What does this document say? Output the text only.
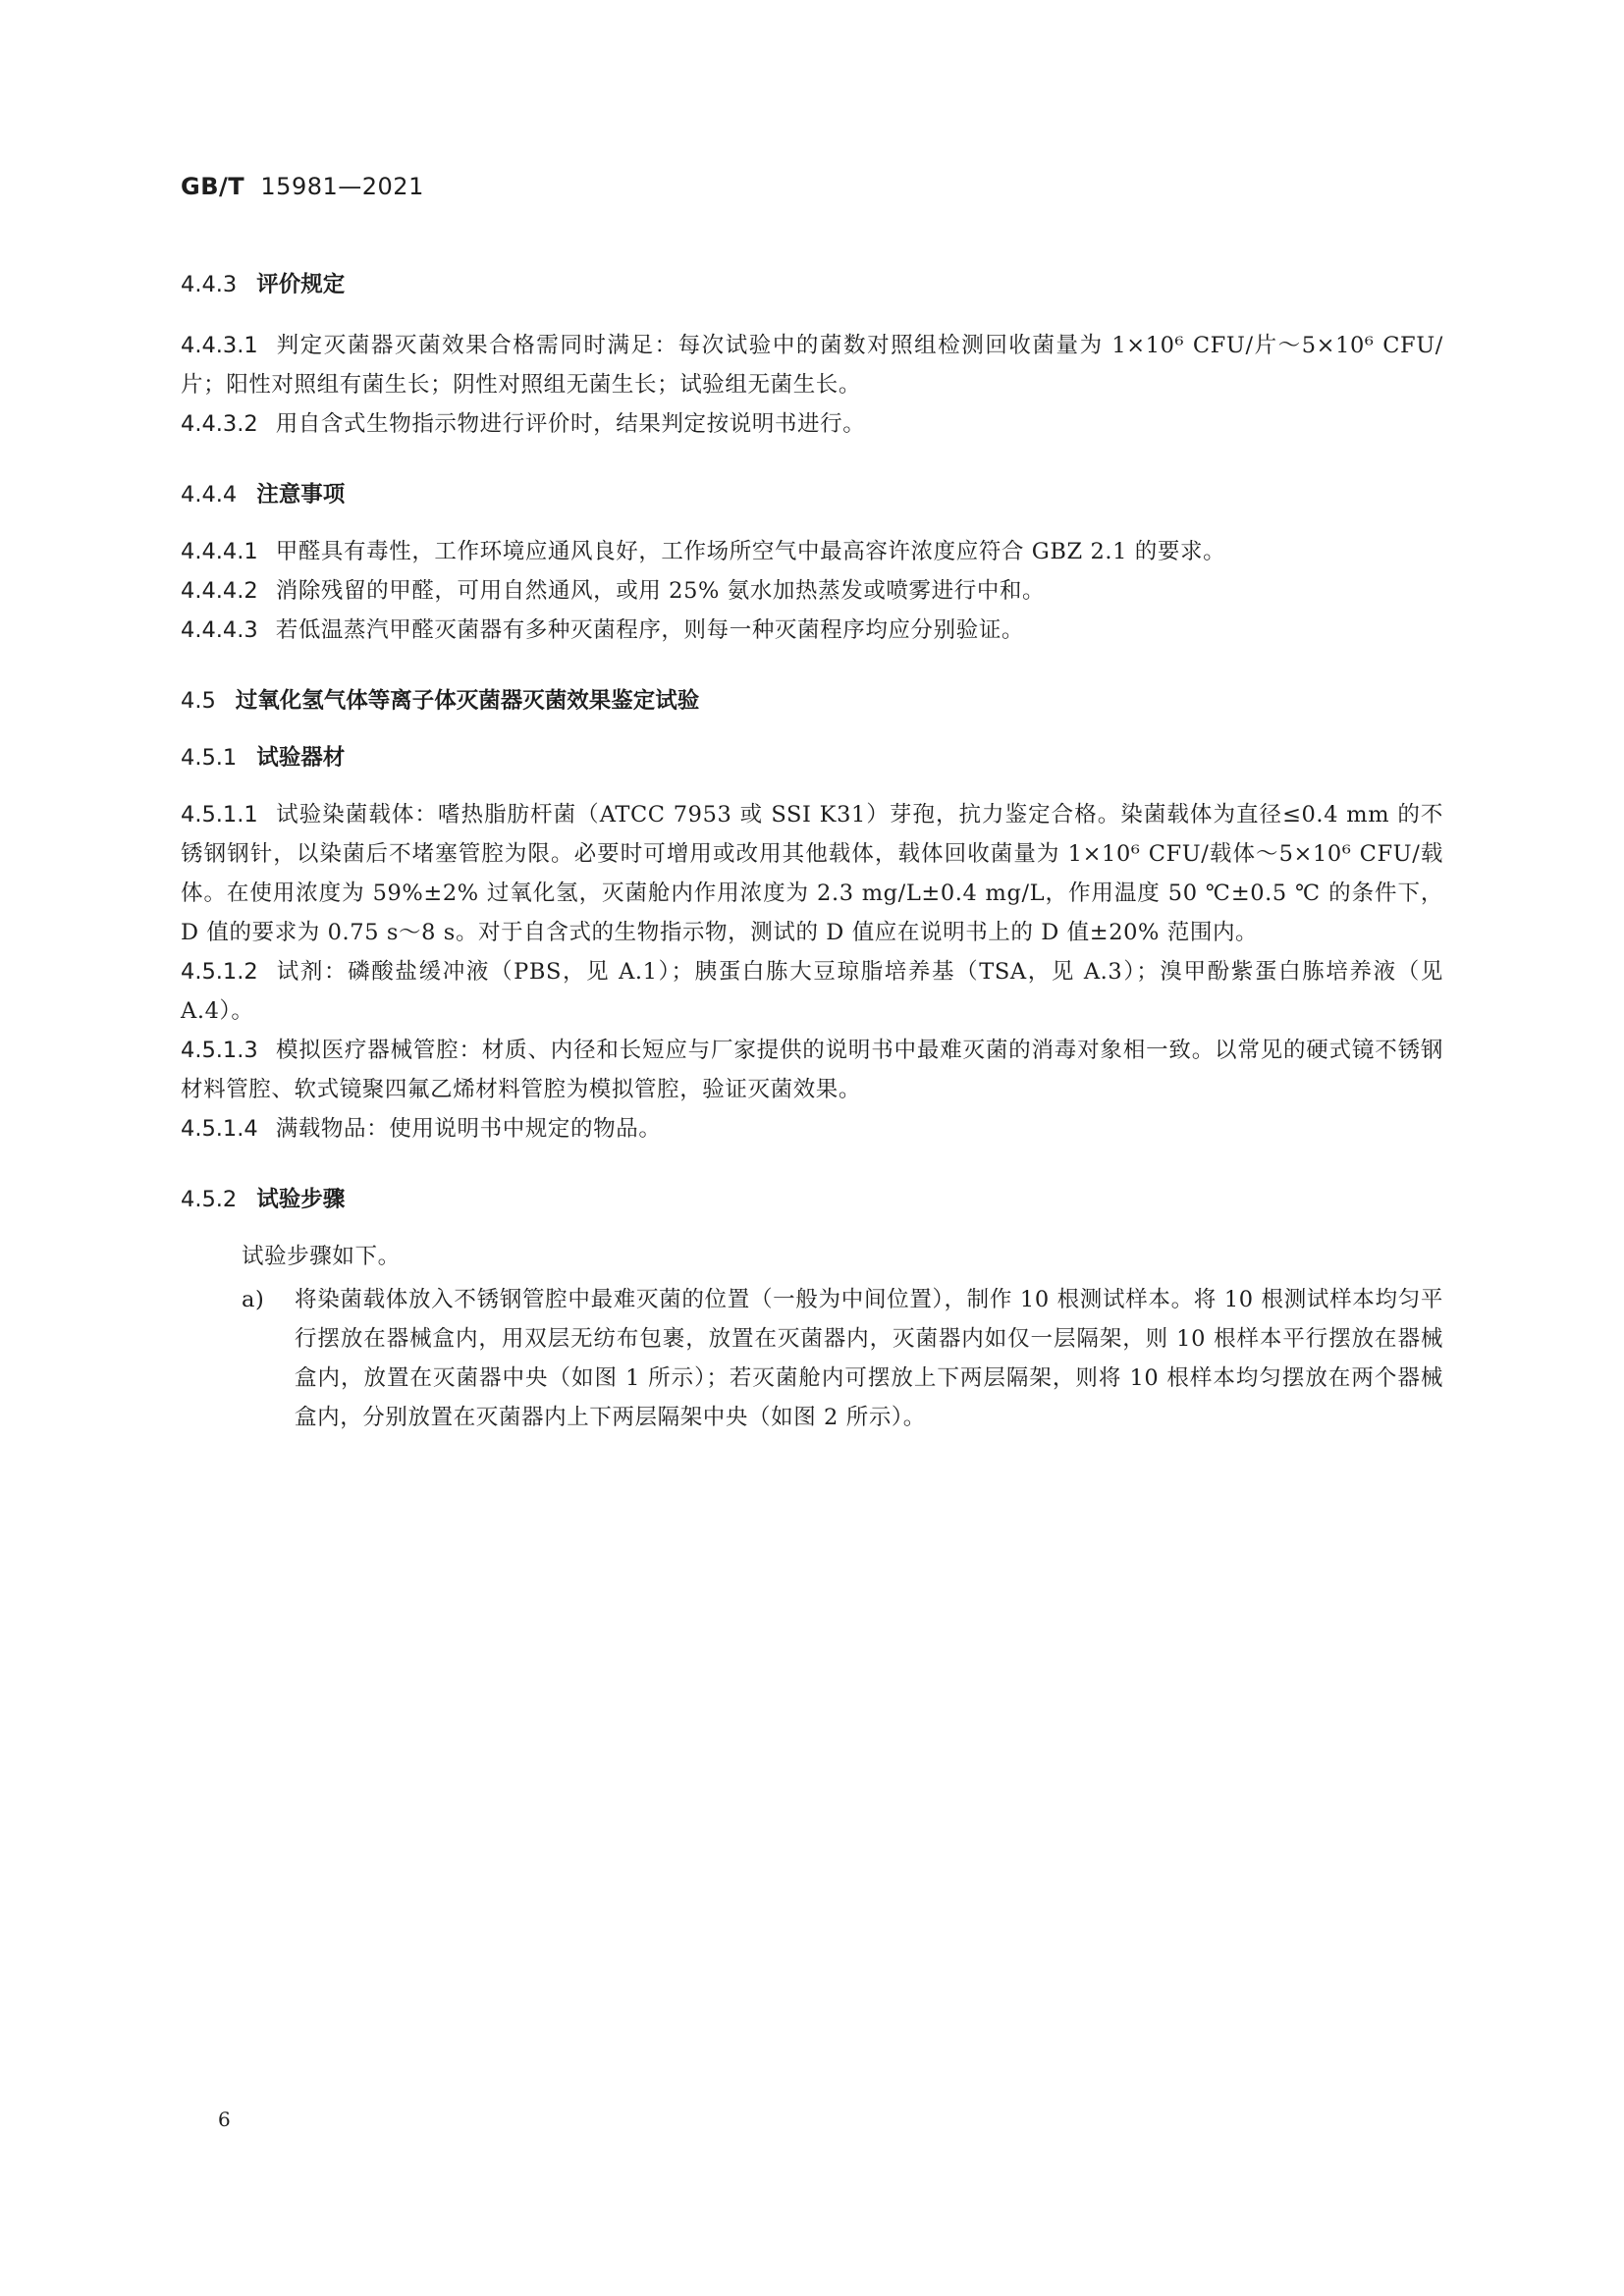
GB/T 15981—2021
4.4.3 评价规定

4.4.3.1 判定灭菌器灭菌效果合格需同时满足：每次试验中的菌数对照组检测回收菌量为 1×10⁶ CFU/片～5×10⁶ CFU/片；阳性对照组有菌生长；阴性对照组无菌生长；试验组无菌生长。

4.4.3.2 用自含式生物指示物进行评价时，结果判定按说明书进行。

4.4.4 注意事项

4.4.4.1 甲醛具有毒性，工作环境应通风良好，工作场所空气中最高容许浓度应符合 GBZ 2.1 的要求。

4.4.4.2 消除残留的甲醛，可用自然通风，或用 25% 氨水加热蒸发或喷雾进行中和。

4.4.4.3 若低温蒸汽甲醛灭菌器有多种灭菌程序，则每一种灭菌程序均应分别验证。

4.5 过氧化氢气体等离子体灭菌器灭菌效果鉴定试验
4.5.1 试验器材

4.5.1.1 试验染菌载体：嗜热脂肪杆菌（ATCC 7953 或 SSI K31）芽孢，抗力鉴定合格。染菌载体为直径≤0.4 mm 的不锈钢钢针，以染菌后不堵塞管腔为限。必要时可增用或改用其他载体，载体回收菌量为 1×10⁶ CFU/载体～5×10⁶ CFU/载体。在使用浓度为 59%±2% 过氧化氢，灭菌舱内作用浓度为 2.3 mg/L±0.4 mg/L，作用温度 50 ℃±0.5 ℃ 的条件下，D 值的要求为 0.75 s～8 s。对于自含式的生物指示物，测试的 D 值应在说明书上的 D 值±20% 范围内。

4.5.1.2 试剂：磷酸盐缓冲液（PBS，见 A.1）；胰蛋白胨大豆琼脂培养基（TSA，见 A.3）；溴甲酚紫蛋白胨培养液（见 A.4）。

4.5.1.3 模拟医疗器械管腔：材质、内径和长短应与厂家提供的说明书中最难灭菌的消毒对象相一致。以常见的硬式镜不锈钢材料管腔、软式镜聚四氟乙烯材料管腔为模拟管腔，验证灭菌效果。

4.5.1.4 满载物品：使用说明书中规定的物品。

4.5.2 试验步骤

试验步骤如下。

a) 将染菌载体放入不锈钢管腔中最难灭菌的位置（一般为中间位置），制作 10 根测试样本。将 10 根测试样本均匀平行摆放在器械盒内，用双层无纺布包裹，放置在灭菌器内，灭菌器内如仅一层隔架，则 10 根样本平行摆放在器械盒内，放置在灭菌器中央（如图 1 所示）；若灭菌舱内可摆放上下两层隔架，则将 10 根样本均匀摆放在两个器械盒内，分别放置在灭菌器内上下两层隔架中央（如图 2 所示）。
6
